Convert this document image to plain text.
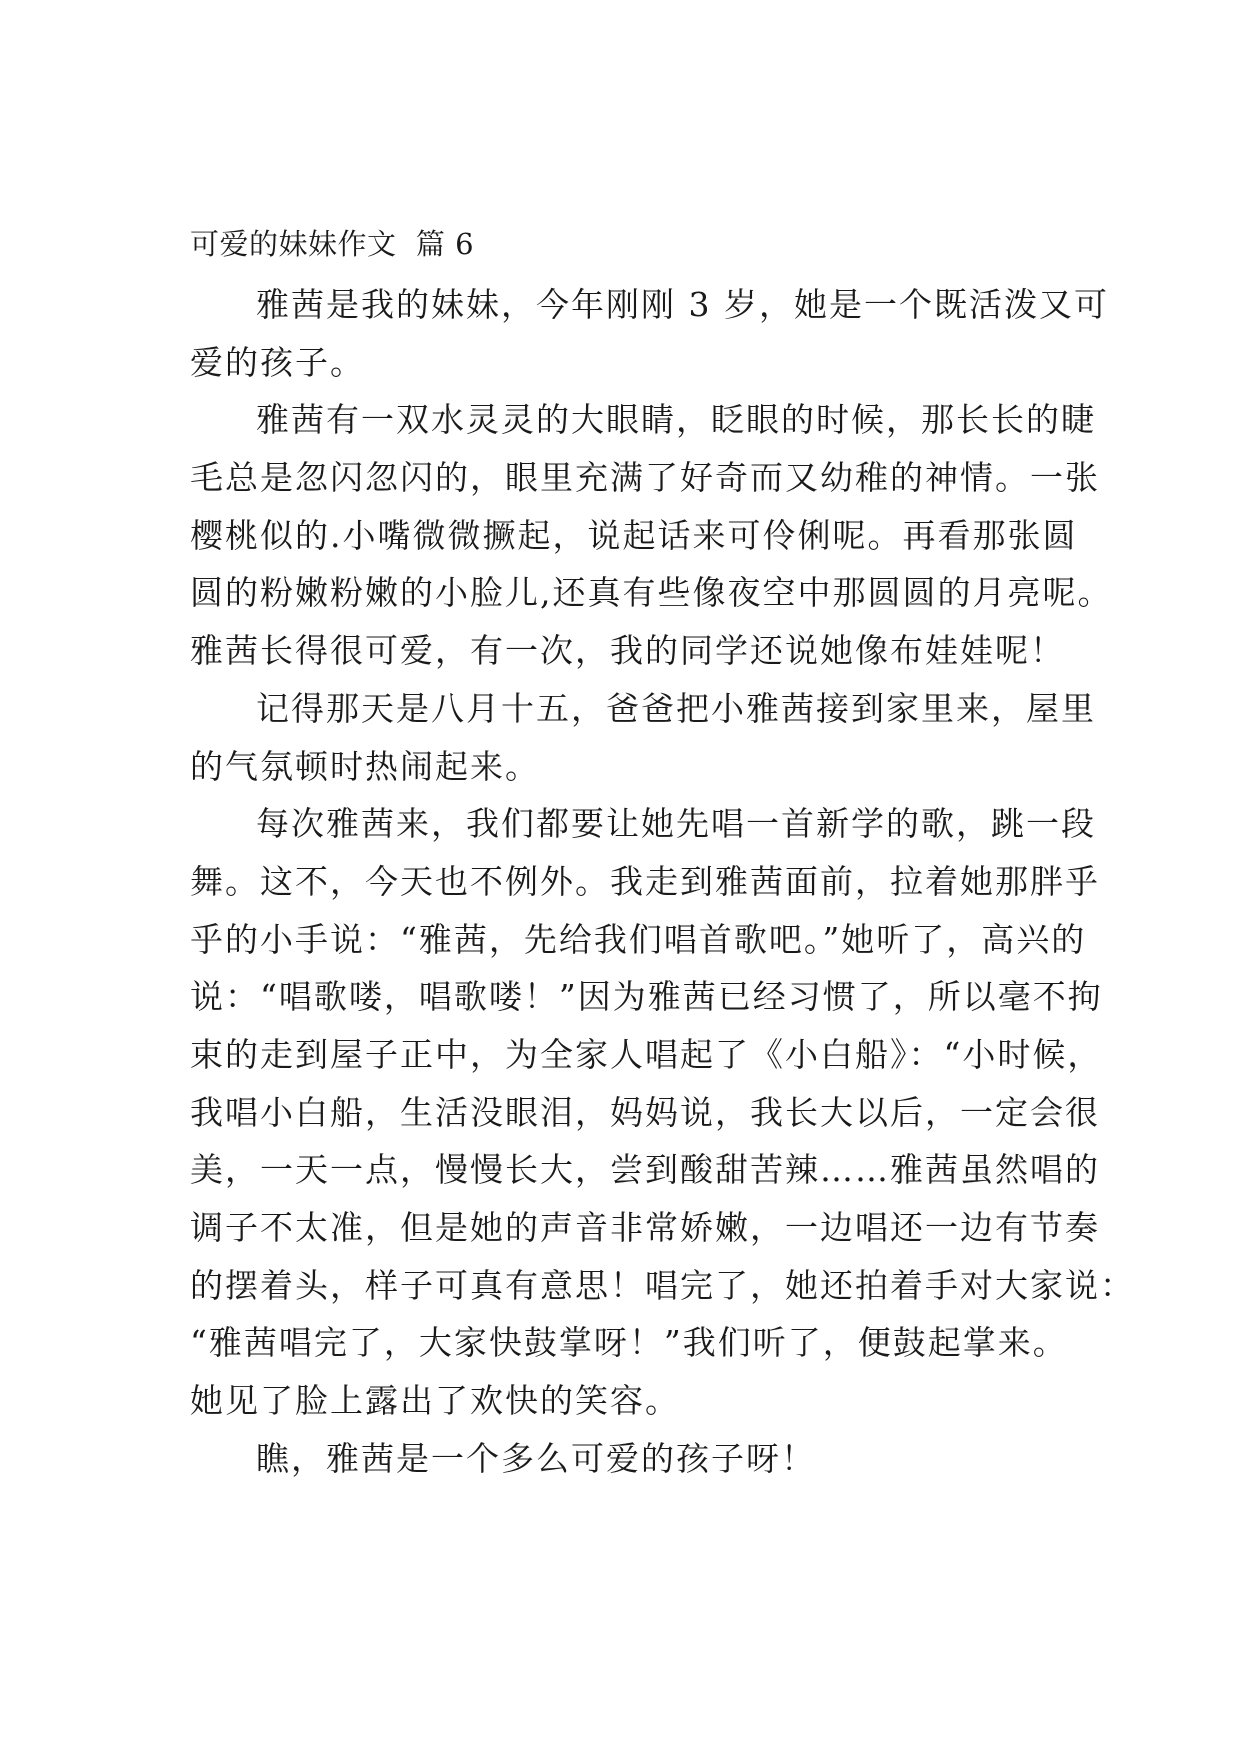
可爱的妹妹作文  篇 6
雅茜是我的妹妹，今年刚刚 3 岁，她是一个既活泼又可
爱的孩子。
雅茜有一双水灵灵的大眼睛，眨眼的时候，那长长的睫
毛总是忽闪忽闪的，眼里充满了好奇而又幼稚的神情。一张
樱桃似的.小嘴微微撅起，说起话来可伶俐呢。再看那张圆
圆的粉嫩粉嫩的小脸儿,还真有些像夜空中那圆圆的月亮呢。
雅茜长得很可爱，有一次，我的同学还说她像布娃娃呢！
记得那天是八月十五，爸爸把小雅茜接到家里来，屋里
的气氛顿时热闹起来。
每次雅茜来，我们都要让她先唱一首新学的歌，跳一段
舞。这不，今天也不例外。我走到雅茜面前，拉着她那胖乎
乎的小手说：“雅茜，先给我们唱首歌吧。”她听了，高兴的
说：“唱歌喽，唱歌喽！”因为雅茜已经习惯了，所以毫不拘
束的走到屋子正中，为全家人唱起了《小白船》：“小时候，
我唱小白船，生活没眼泪，妈妈说，我长大以后，一定会很
美，一天一点，慢慢长大，尝到酸甜苦辣……雅茜虽然唱的
调子不太准，但是她的声音非常娇嫩，一边唱还一边有节奏
的摆着头，样子可真有意思！唱完了，她还拍着手对大家说：
“雅茜唱完了，大家快鼓掌呀！”我们听了，便鼓起掌来。
她见了脸上露出了欢快的笑容。
瞧，雅茜是一个多么可爱的孩子呀！
